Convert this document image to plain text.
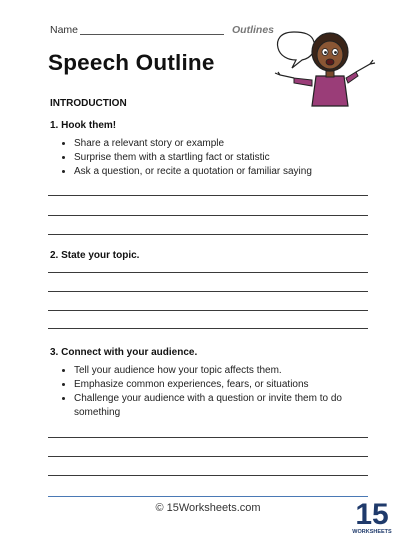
Name	Outlines
Speech Outline
INTRODUCTION
1. Hook them!
• Share a relevant story or example
• Surprise them with a startling fact or statistic
• Ask a question, or recite a quotation or familiar saying
2. State your topic.
3. Connect with your audience.
• Tell your audience how your topic affects them.
• Emphasize common experiences, fears, or situations
• Challenge your audience with a question or invite them to do something
© 15Worksheets.com	15
WORKSHEETS
